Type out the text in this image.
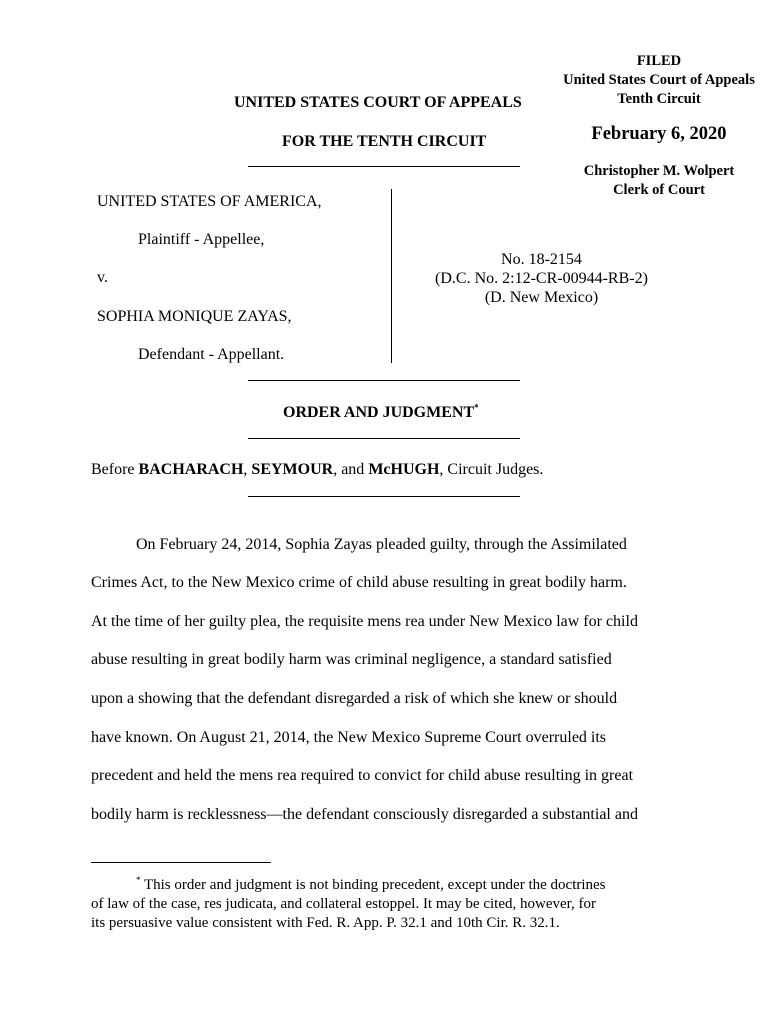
FILED
United States Court of Appeals
Tenth Circuit
February 6, 2020
Christopher M. Wolpert
Clerk of Court
UNITED STATES COURT OF APPEALS
FOR THE TENTH CIRCUIT
UNITED STATES OF AMERICA,
Plaintiff - Appellee,
v.
SOPHIA MONIQUE ZAYAS,
Defendant - Appellant.
No. 18-2154
(D.C. No. 2:12-CR-00944-RB-2)
(D. New Mexico)
ORDER AND JUDGMENT*
Before BACHARACH, SEYMOUR, and McHUGH, Circuit Judges.
On February 24, 2014, Sophia Zayas pleaded guilty, through the Assimilated
Crimes Act, to the New Mexico crime of child abuse resulting in great bodily harm.
At the time of her guilty plea, the requisite mens rea under New Mexico law for child
abuse resulting in great bodily harm was criminal negligence, a standard satisfied
upon a showing that the defendant disregarded a risk of which she knew or should
have known. On August 21, 2014, the New Mexico Supreme Court overruled its
precedent and held the mens rea required to convict for child abuse resulting in great
bodily harm is recklessness—the defendant consciously disregarded a substantial and
* This order and judgment is not binding precedent, except under the doctrines
of law of the case, res judicata, and collateral estoppel. It may be cited, however, for
its persuasive value consistent with Fed. R. App. P. 32.1 and 10th Cir. R. 32.1.
